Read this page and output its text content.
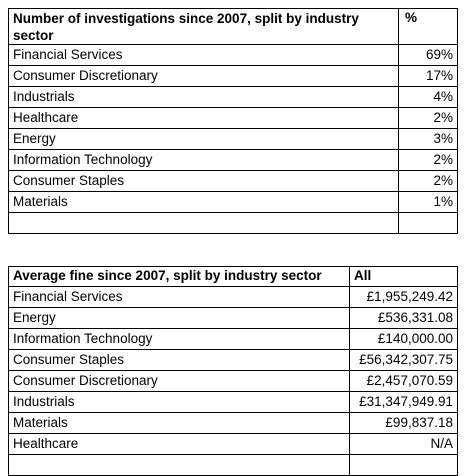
Number of investigations since 2007, split by industry sector	%
Financial Services	69%
Consumer Discretionary	17%
Industrials	4%
Healthcare	2%
Energy	3%
Information Technology	2%
Consumer Staples	2%
Materials	1%

Average fine since 2007, split by industry sector	All
Financial Services	£1,955,249.42
Energy	£536,331.08
Information Technology	£140,000.00
Consumer Staples	£56,342,307.75
Consumer Discretionary	£2,457,070.59
Industrials	£31,347,949.91
Materials	£99,837.18
Healthcare	N/A
